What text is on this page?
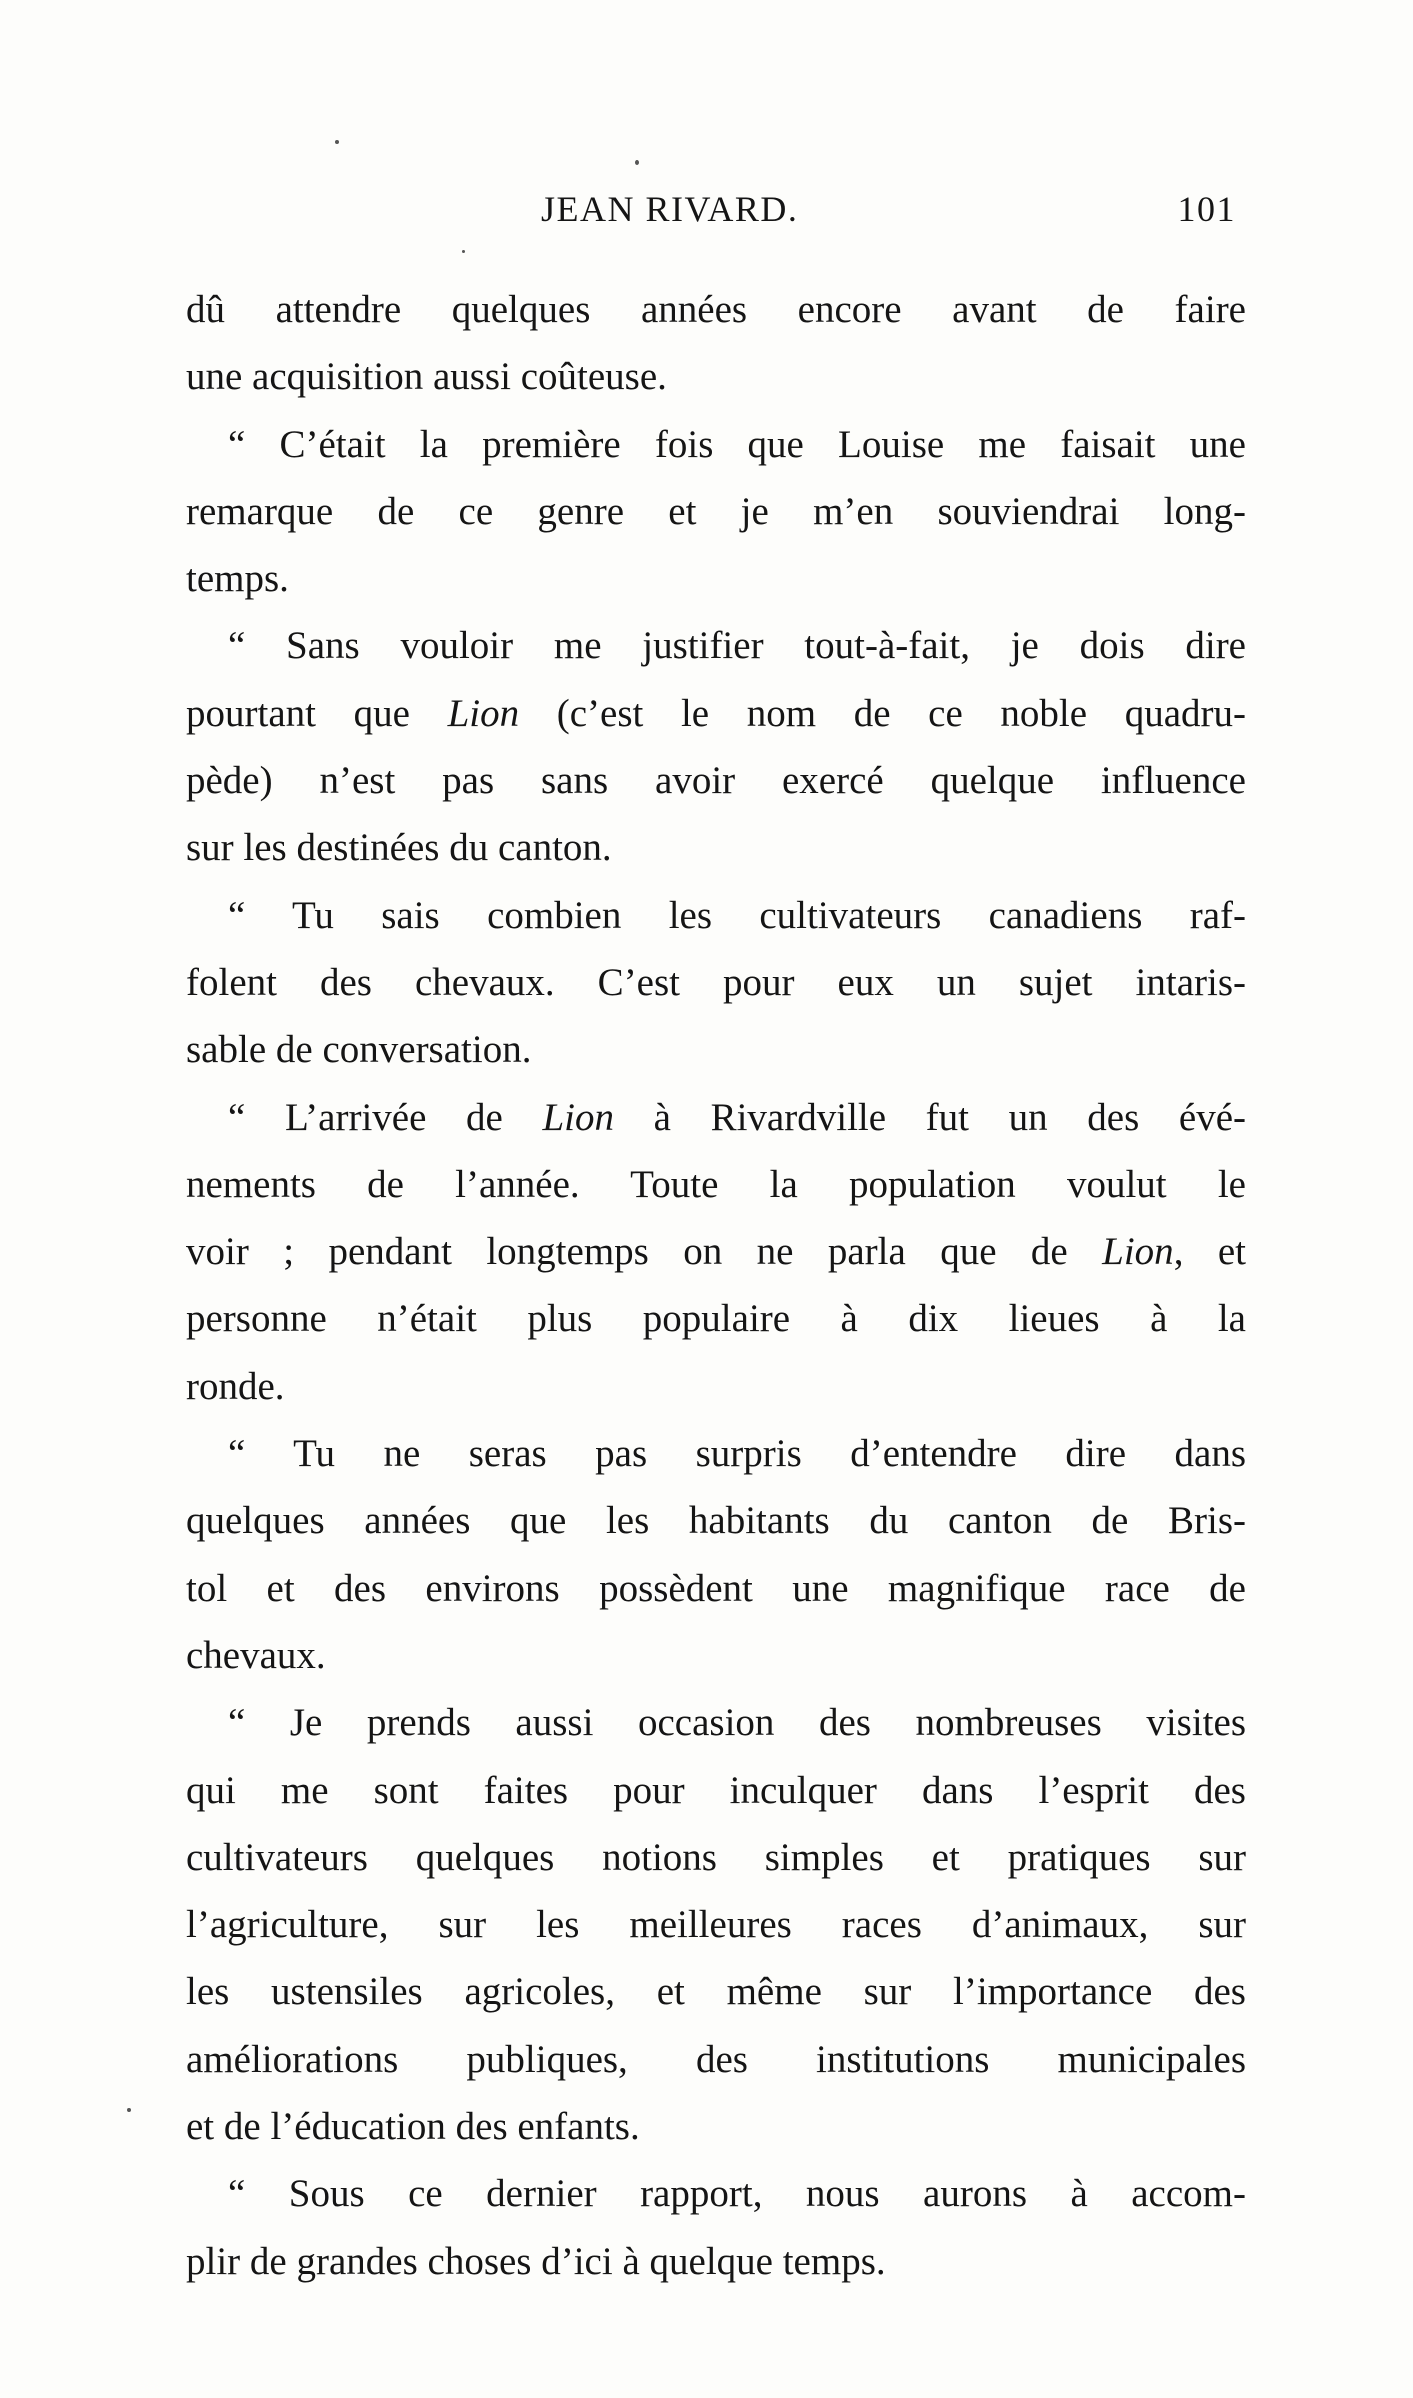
JEAN RIVARD.	101
dû attendre quelques années encore avant de faire
une acquisition aussi coûteuse.
“ C’était la première fois que Louise me faisait une
remarque de ce genre et je m’en souviendrai long-
temps.
“ Sans vouloir me justifier tout-à-fait, je dois dire
pourtant que Lion (c’est le nom de ce noble quadru-
pède) n’est pas sans avoir exercé quelque influence
sur les destinées du canton.
“ Tu sais combien les cultivateurs canadiens raf-
folent des chevaux. C’est pour eux un sujet intaris-
sable de conversation.
“ L’arrivée de Lion à Rivardville fut un des évé-
nements de l’année. Toute la population voulut le
voir ; pendant longtemps on ne parla que de Lion, et
personne n’était plus populaire à dix lieues à la
ronde.
“ Tu ne seras pas surpris d’entendre dire dans
quelques années que les habitants du canton de Bris-
tol et des environs possèdent une magnifique race de
chevaux.
“ Je prends aussi occasion des nombreuses visites
qui me sont faites pour inculquer dans l’esprit des
cultivateurs quelques notions simples et pratiques sur
l’agriculture, sur les meilleures races d’animaux, sur
les ustensiles agricoles, et même sur l’importance des
améliorations publiques, des institutions municipales
et de l’éducation des enfants.
“ Sous ce dernier rapport, nous aurons à accom-
plir de grandes choses d’ici à quelque temps.
